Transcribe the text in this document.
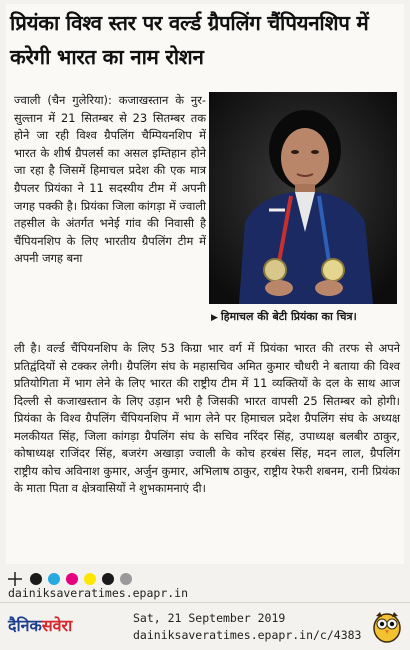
प्रियंका विश्व स्तर पर वर्ल्ड ग्रैपलिंग चैंपियनशिप में करेगी भारत का नाम रोशन
ज्वाली (चैन गुलेरिया): कजाखस्तान के नुर-सुल्तान में 21 सितम्बर से 23 सितम्बर तक होने जा रही विश्व ग्रैपलिंग चैम्पियनशिप में भारत के शीर्ष ग्रैपलर्स का असल इम्तिहान होने जा रहा है जिसमें हिमाचल प्रदेश की एक मात्र ग्रैपलर प्रियंका ने 11 सदस्यीय टीम में अपनी जगह पक्की है। प्रियंका जिला कांगड़ा में ज्वाली तहसील के अंतर्गत भनेई गांव की निवासी है चैंपियनशिप के लिए भारतीय ग्रैपलिंग टीम में अपनी जगह बना
▶ हिमाचल की बेटी प्रियंका का चित्र।
ली है। वर्ल्ड चैंपियनशिप के लिए 53 किग्रा भार वर्ग में प्रियंका भारत की तरफ से अपने प्रतिद्वंदियों से टक्कर लेगी। ग्रैपलिंग संघ के महासचिव अमित कुमार चौधरी ने बताया की विश्व प्रतियोगिता में भाग लेने के लिए भारत की राष्ट्रीय टीम में 11 व्यक्तियों के दल के साथ आज दिल्ली से कजाखस्तान के लिए उड़ान भरी है जिसकी भारत वापसी 25 सितम्बर को होगी। प्रियंका के विश्व ग्रैपलिंग चैंपियनशिप में भाग लेने पर हिमाचल प्रदेश ग्रैपलिंग संघ के अध्यक्ष मलकीयत सिंह, जिला कांगड़ा ग्रैपलिंग संघ के सचिव नरिंदर सिंह, उपाध्यक्ष बलबीर ठाकुर, कोषाध्यक्ष राजिंदर सिंह, बजरंग अखाड़ा ज्वाली के कोच हरबंस सिंह, मदन लाल, ग्रैपलिंग राष्ट्रीय कोच अविनाश कुमार, अर्जुन कुमार, अभिलाष ठाकुर, राष्ट्रीय रेफरी शबनम, रानी प्रियंका के माता पिता व क्षेत्रवासियों ने शुभकामनाएं दी।
dainiksaveratimes.epapr.in
दैनिकसवेरा	Sat, 21 September 2019
dainiksaveratimes.epapr.in/c/4383
